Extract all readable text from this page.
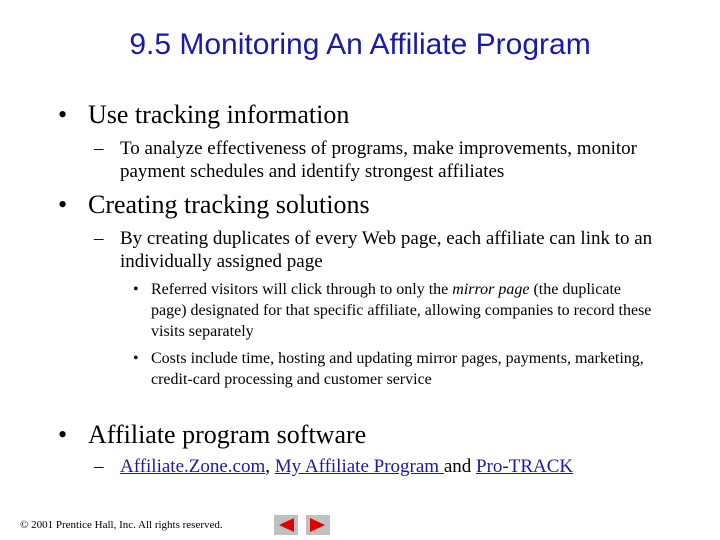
9.5 Monitoring An Affiliate Program
• Use tracking information
– To analyze effectiveness of programs, make improvements, monitor payment schedules and identify strongest affiliates
• Creating tracking solutions
– By creating duplicates of every Web page, each affiliate can link to an individually assigned page
• Referred visitors will click through to only the mirror page (the duplicate page) designated for that specific affiliate, allowing companies to record these visits separately
• Costs include time, hosting and updating mirror pages, payments, marketing, credit-card processing and customer service
• Affiliate program software
– Affiliate.Zone.com, My Affiliate Program and Pro-TRACK
© 2001 Prentice Hall, Inc. All rights reserved.
